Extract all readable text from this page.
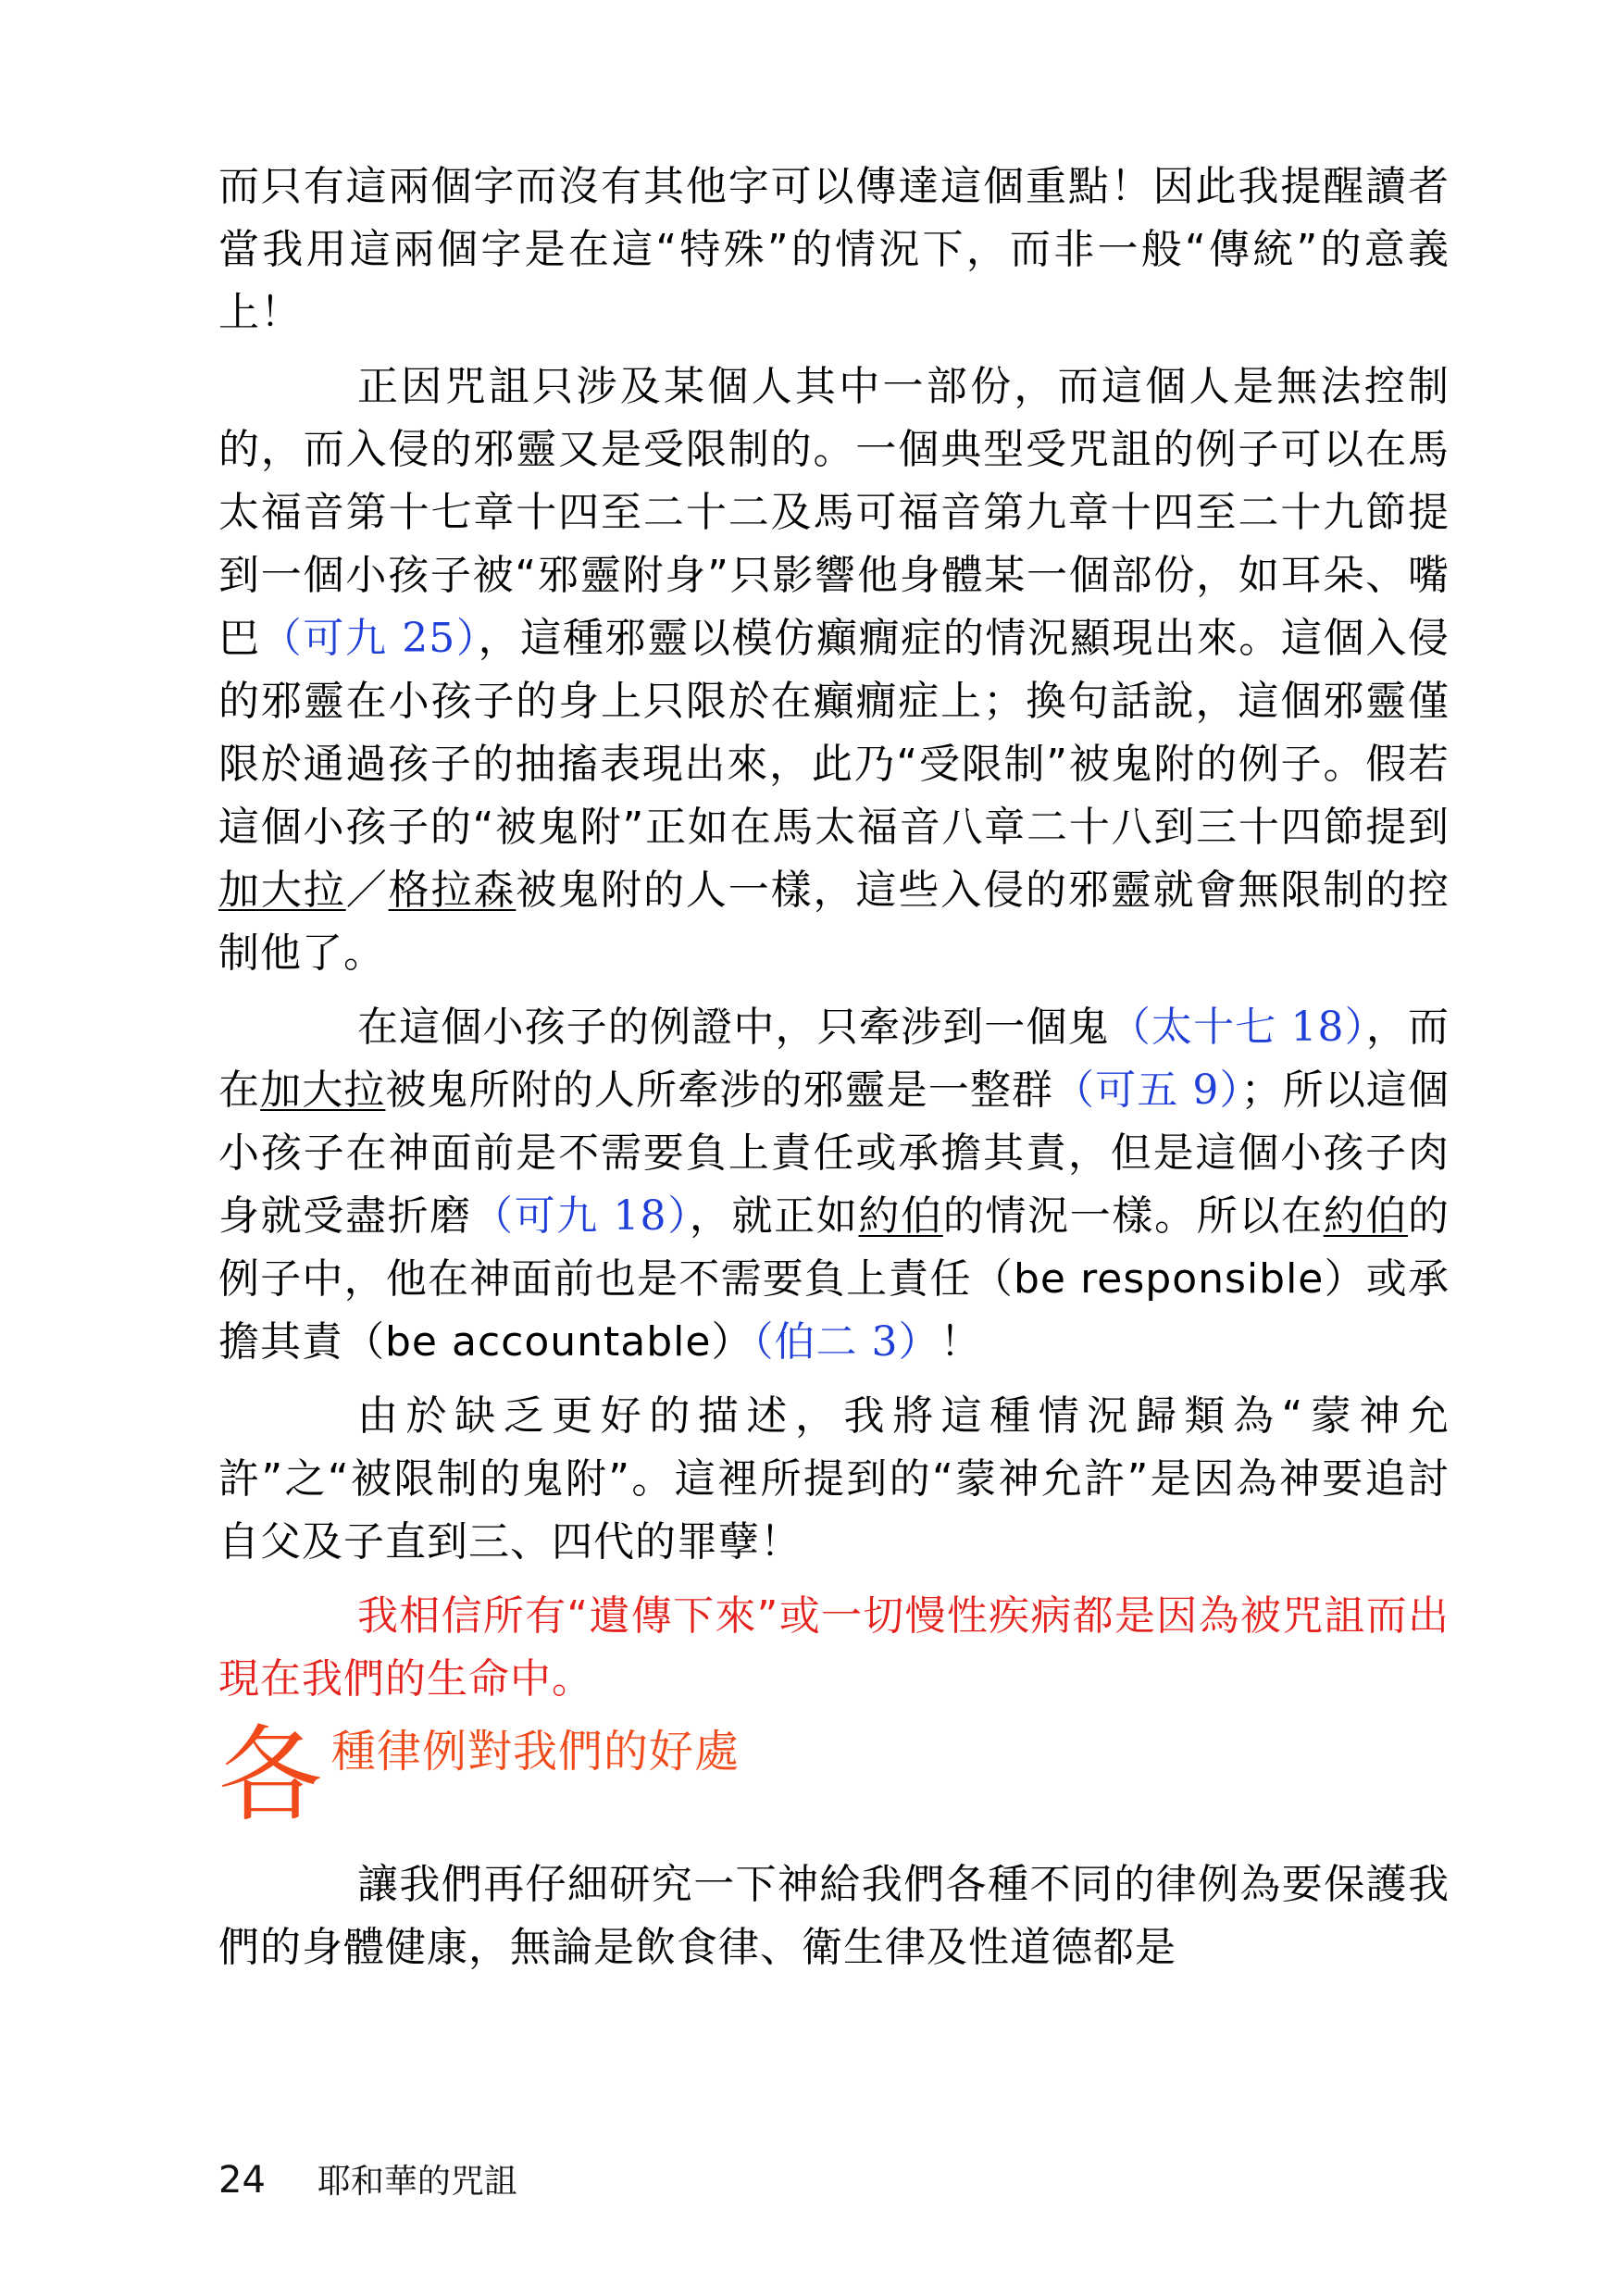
而只有這兩個字而沒有其他字可以傳達這個重點！因此我提醒讀者當我用這兩個字是在這“特殊”的情況下，而非一般“傳統”的意義上！

正因咒詛只涉及某個人其中一部份，而這個人是無法控制的，而入侵的邪靈又是受限制的。一個典型受咒詛的例子可以在馬太福音第十七章十四至二十二及馬可福音第九章十四至二十九節提到一個小孩子被“邪靈附身”只影響他身體某一個部份，如耳朵、嘴巴（可九 25），這種邪靈以模仿癲癇症的情況顯現出來。這個入侵的邪靈在小孩子的身上只限於在癲癇症上；換句話說，這個邪靈僅限於通過孩子的抽搐表現出來，此乃“受限制”被鬼附的例子。假若這個小孩子的“被鬼附”正如在馬太福音八章二十八到三十四節提到加大拉／格拉森被鬼附的人一樣，這些入侵的邪靈就會無限制的控制他了。

在這個小孩子的例證中，只牽涉到一個鬼（太十七 18），而在加大拉被鬼所附的人所牽涉的邪靈是一整群（可五 9）；所以這個小孩子在神面前是不需要負上責任或承擔其責，但是這個小孩子肉身就受盡折磨（可九 18），就正如約伯的情況一樣。所以在約伯的例子中，他在神面前也是不需要負上責任（be responsible）或承擔其責（be accountable）（伯二 3）！

由於缺乏更好的描述，我將這種情況歸類為“蒙神允許”之“被限制的鬼附”。這裡所提到的“蒙神允許”是因為神要追討自父及子直到三、四代的罪孽！

我相信所有“遺傳下來”或一切慢性疾病都是因為被咒詛而出現在我們的生命中。

各 種律例對我們的好處

讓我們再仔細研究一下神給我們各種不同的律例為要保護我們的身體健康，無論是飲食律、衛生律及性道德都是

24 耶和華的咒詛
